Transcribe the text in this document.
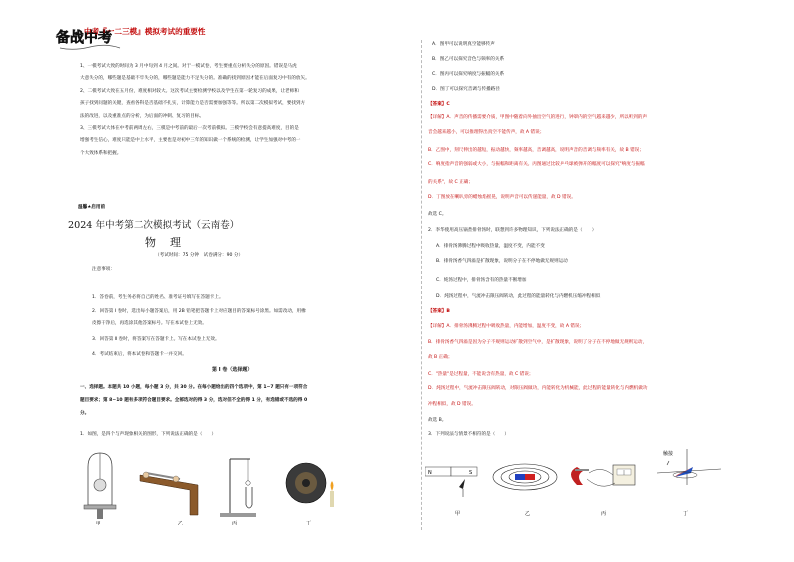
备战中考
中考『一二三模』模拟考试的重要性
1、一模考试大致的时间为 3 月中旬到 4 月之间。对于一模试卷，考生要重点分析失分的原因。错误是马虎
大意失分的，哪些题是基础不牢失分的，哪些题是能力不足失分的。准确的找到原因才能在后面复习中有的放矢。
2、二模考试大致在五月份，难度相对较大。这次考试主要检测学校以及学生在第一轮复习的成果，让老师和
孩子找到问题的关键，查看各科是否基础不扎实，计算能力是否需要加强等等。所以第二次模拟考试，要找到方
法的改进，以及重准点的分析，为后面的冲刺、复习的目标。
3、三模考试大体在中考前两周左右，三模是中考前的最后一次考前模拟。三模学校会有意提高难度，目的是
增强考生信心，难度只能是中上水平，主要也是对初中三年的知识做一个系统的检测，让学生加强对中考的一
个大致体系和把握。
温馨★启用前
2024 年中考第二次模拟考试（云南卷）
物理
（考试时间：75 分钟　试卷满分：90 分）
注意事项：
1．答卷前，考生务必将自己的姓名、准考证号填写在答题卡上。
2．回答第 Ⅰ 卷时，选出每小题答案后，用 2B 铅笔把答题卡上对应题目的答案标号涂黑。如需改动，用橡
皮擦干净后，再选涂其他答案标号。写在本试卷上无效。
3．回答第 Ⅱ 卷时，将答案写在答题卡上。写在本试卷上无效。
4．考试结束后，将本试卷和答题卡一并交回。
第 Ⅰ 卷（选择题）
一、选择题。本题共 10 小题，每小题 3 分，共 30 分。在每小题给出的四个选项中，第 1~7 题只有一项符合
题目要求；第 8~10 题有多项符合题目要求。全部选对的得 3 分，选对但不全的得 1 分，有选错或不选的得 0
分。
1．如图，是四个与声现象相关的图形，下列说法正确的是（　　）
甲	乙	丙	丁
A．图甲可以说明真空能够传声
B．图乙可以探究音色与频率的关系
C．图丙可以探究响度与振幅的关系
D．图丁可以探究音调与传播路径
【答案】C
【详解】A．声音的传播需要介质，甲图中随着向外抽出空气的进行，钟罩内的空气越来越少，所以听到的声
音会越来越小，可以推理得出真空不能传声，故 A 错误；
B．乙图中，刻尺伸出的越短，振动越快，频率越高，音调越高，说明声音的音调与频率有关，故 B 错误；
C．响度指声音的强弱或大小，与振幅和距离有关。丙图通过比较乒乓球被弹开的幅度可以探究"响度与振幅
的关系"，故 C 正确；
D．丁图放在喇叭旁的蜡烛焰摇晃，说明声音可以传递能量，故 D 错误。
故选 C。
2．李华使用高压锅煮排骨汤时，联想到许多物理知识，下列说法正确的是（　　）
A．排骨汤沸腾过程中吸收热量，温度不变，内能不变
B．排骨汤香气四溢是扩散现象，说明分子在不停地做无规则运动
C．炖汤过程中，排骨汤含有的热量不断增加
D．炖汤过程中，气流冲击限压阀转动，此过程的能量转化与内燃机压缩冲程相似
【答案】B
【详解】A．排骨汤沸腾过程中吸收热量，内能增加，温度不变，故 A 错误；
B．排骨汤香气四溢是因为分子不规则运动扩散到空气中，是扩散现象，说明了分子在不停地做无规则运动，
故 B 正确；
C．"热量"是过程量，不能说含有热量，故 C 错误；
D．炖汤过程中，气流冲击限压阀转动，对限压阀做功，内能转化为机械能，此过程的能量转化与内燃机做功
冲程相似，故 D 错误。
故选 B。
3．下列说法与情景不相符的是（　　）
N	S
触接
甲	乙	丙	丁
